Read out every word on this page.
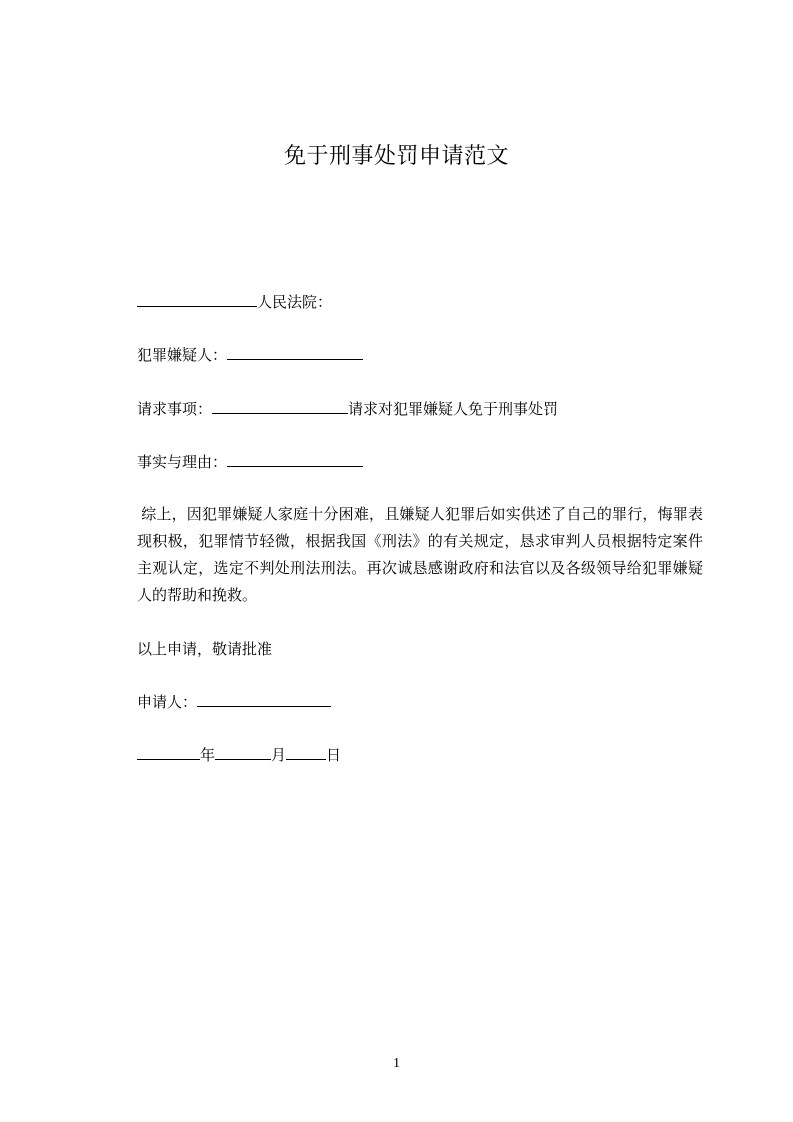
免于刑事处罚申请范文
人民法院：
犯罪嫌疑人：
请求事项：	请求对犯罪嫌疑人免于刑事处罚
事实与理由：
综上，因犯罪嫌疑人家庭十分困难，且嫌疑人犯罪后如实供述了自己的罪行，悔罪表现积极，犯罪情节轻微，根据我国《刑法》的有关规定，恳求审判人员根据特定案件主观认定，选定不判处刑法刑法。再次诚恳感谢政府和法官以及各级领导给犯罪嫌疑人的帮助和挽救。
以上申请，敬请批准
申请人：
年	月	日
1
